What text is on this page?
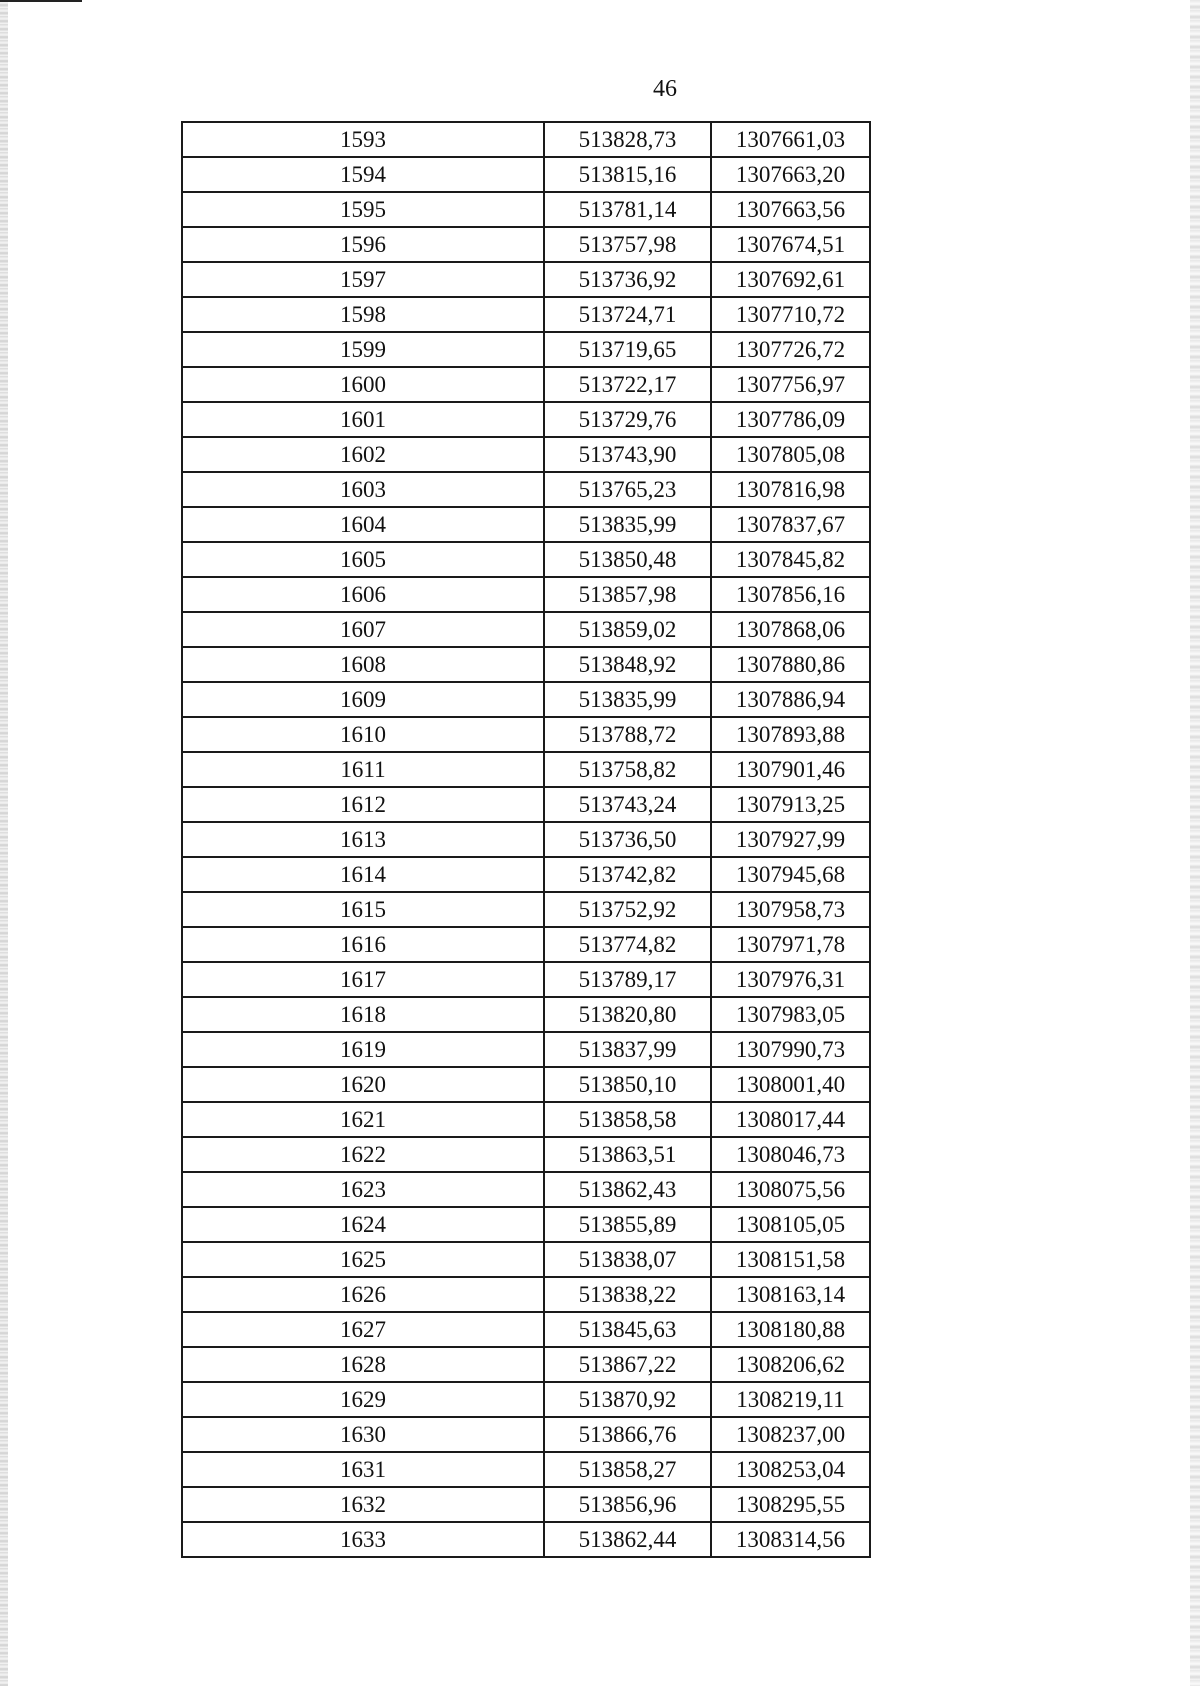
46
1593	513828,73	1307661,03
1594	513815,16	1307663,20
1595	513781,14	1307663,56
1596	513757,98	1307674,51
1597	513736,92	1307692,61
1598	513724,71	1307710,72
1599	513719,65	1307726,72
1600	513722,17	1307756,97
1601	513729,76	1307786,09
1602	513743,90	1307805,08
1603	513765,23	1307816,98
1604	513835,99	1307837,67
1605	513850,48	1307845,82
1606	513857,98	1307856,16
1607	513859,02	1307868,06
1608	513848,92	1307880,86
1609	513835,99	1307886,94
1610	513788,72	1307893,88
1611	513758,82	1307901,46
1612	513743,24	1307913,25
1613	513736,50	1307927,99
1614	513742,82	1307945,68
1615	513752,92	1307958,73
1616	513774,82	1307971,78
1617	513789,17	1307976,31
1618	513820,80	1307983,05
1619	513837,99	1307990,73
1620	513850,10	1308001,40
1621	513858,58	1308017,44
1622	513863,51	1308046,73
1623	513862,43	1308075,56
1624	513855,89	1308105,05
1625	513838,07	1308151,58
1626	513838,22	1308163,14
1627	513845,63	1308180,88
1628	513867,22	1308206,62
1629	513870,92	1308219,11
1630	513866,76	1308237,00
1631	513858,27	1308253,04
1632	513856,96	1308295,55
1633	513862,44	1308314,56
